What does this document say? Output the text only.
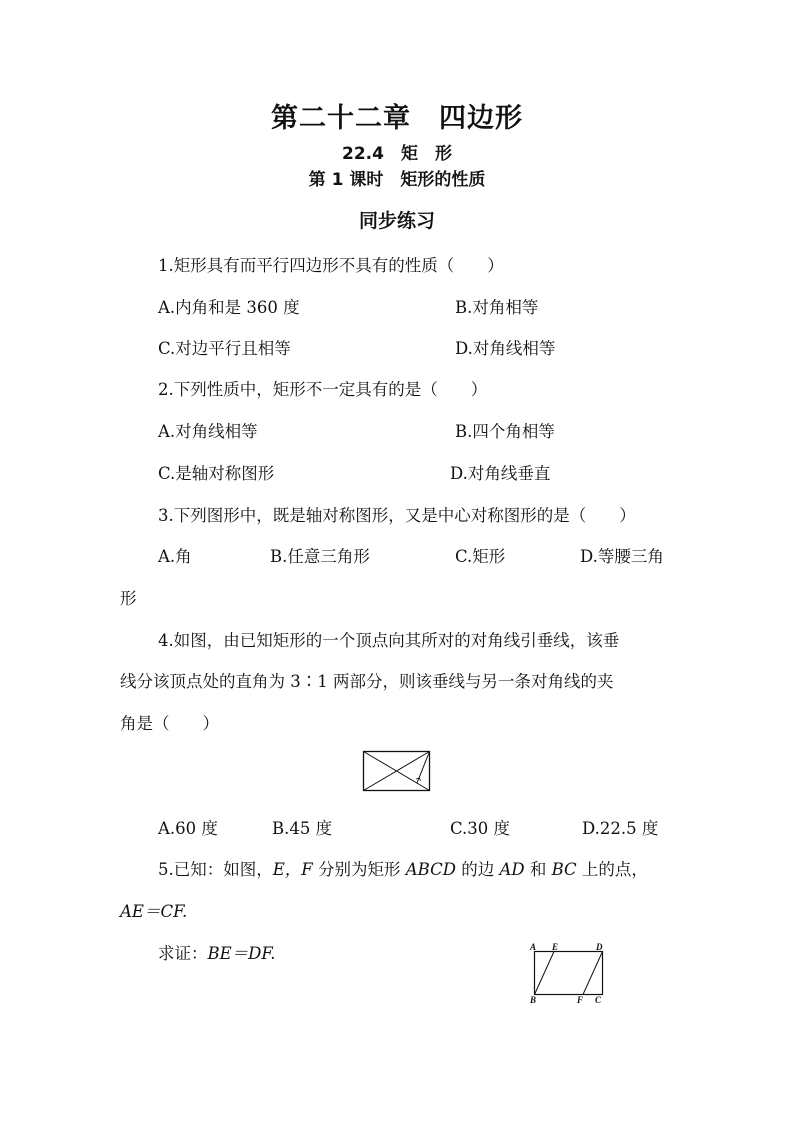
第二十二章　四边形
22.4　矩　形
第 1 课时　矩形的性质
同步练习
1.矩形具有而平行四边形不具有的性质（　　）
A.内角和是 360 度	B.对角相等
C.对边平行且相等	D.对角线相等
2.下列性质中，矩形不一定具有的是（　　）
A.对角线相等	B.四个角相等
C.是轴对称图形	D.对角线垂直
3.下列图形中，既是轴对称图形，又是中心对称图形的是（　　）
A.角	B.任意三角形	C.矩形	D.等腰三角
形
4.如图，由已知矩形的一个顶点向其所对的对角线引垂线，该垂
线分该顶点处的直角为 3∶1 两部分，则该垂线与另一条对角线的夹
角是（　　）
A.60 度	B.45 度	C.30 度	D.22.5 度
5.已知：如图，E，F 分别为矩形 ABCD 的边 AD 和 BC 上的点，
AE＝CF.
求证：BE＝DF.	A E	D
B	F C
